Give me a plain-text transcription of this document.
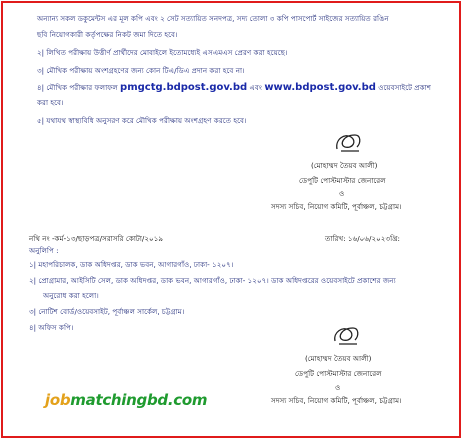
অন্যান্য সকল ডকুমেন্টস এর মূল কপি এবং ২ সেট সত্যায়িত সনদপত্র, সদ্য তোলা ৩ কপি পাসপোর্ট সাইজের সত্যায়িত রঙিন
ছবি নিয়োগকারী কর্তৃপক্ষের নিকট জমা দিতে হবে।
২| লিখিত পরীক্ষায় উত্তীর্ণ প্রার্থীদের মোবাইলে ইতোমধ্যেই এসএমএস প্রেরণ করা হয়েছে।
৩| মৌখিক পরীক্ষায় অংশগ্রহণের জন্য কোন টিএ/ডিএ প্রদান করা হবে না।
৪| মৌখিক পরীক্ষার ফলাফল pmgctg.bdpost.gov.bd এবং www.bdpost.gov.bd ওয়েবসাইটে প্রকাশ
করা হবে।
৫| যথাযথ স্বাস্থ্যবিধি অনুসরণ করে মৌখিক পরীক্ষায় অংশগ্রহণ করতে হবে।
(মোহাম্মদ তৈয়ব আলী)
ডেপুটি পোস্টমাস্টার জেনারেল
ও
সদস্য সচিব, নিয়োগ কমিটি, পূর্বাঞ্চল, চট্টগ্রাম।
নথি নং -কর্ম-১৩/ছাড়পত্র/সরাসরি কোটা/২০১৯	তারিখ: ১৬/০৬/২০২৩খ্রি:
অনুলিপি :
১| মহাপরিচালক, ডাক অধিদপ্তর, ডাক ভবন, আগারগাঁও, ঢাকা- ১২০৭।
২| প্রোগ্রামার, আইসিটি সেল, ডাক অধিদপ্তর, ডাক ভবন, আগারগাঁও, ঢাকা- ১২০৭। ডাক অধিদপ্তরের ওয়েবসাইটে প্রকাশের জন্য
অনুরোধ করা হলো।
৩| নোটিশ বোর্ড/ওয়েবসাইট, পূর্বাঞ্চল সার্কেল, চট্টগ্রাম।
৪| অফিস কপি।
(মোহাম্মদ তৈয়ব আলী)
ডেপুটি পোস্টমাস্টার জেনারেল
ও
সদস্য সচিব, নিয়োগ কমিটি, পূর্বাঞ্চল, চট্টগ্রাম।
jobmatchingbd.com
